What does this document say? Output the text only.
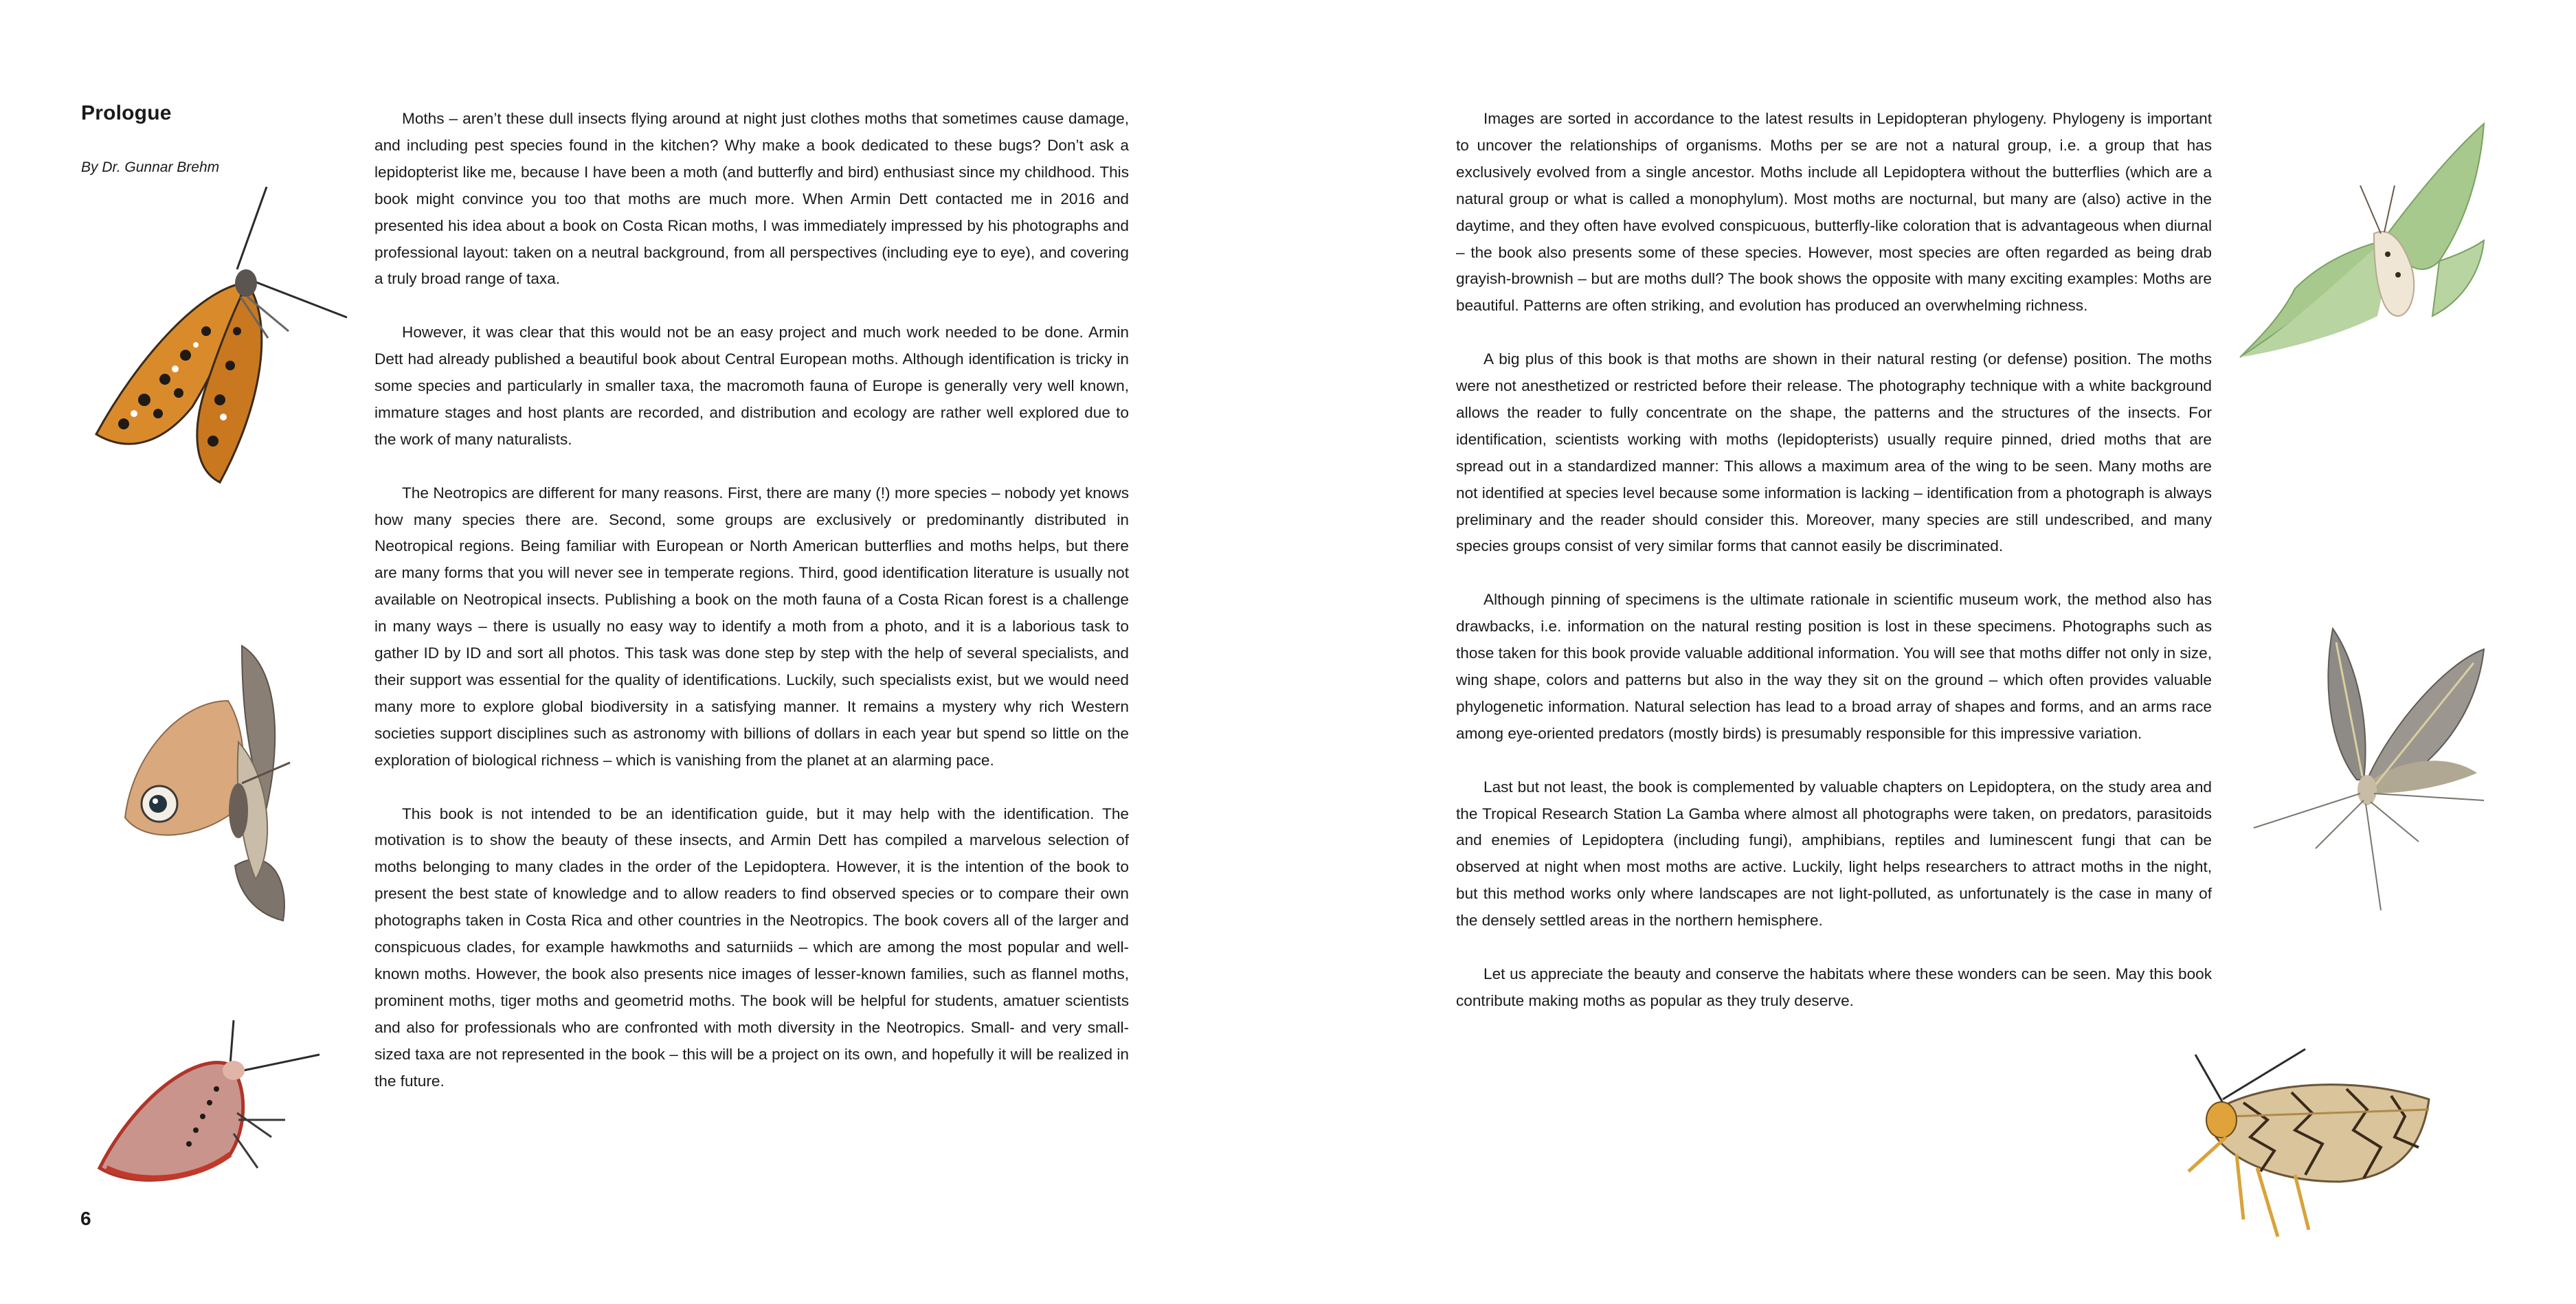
Prologue

By Dr. Gunnar Brehm

Moths – aren’t these dull insects flying around at night just clothes moths that sometimes cause damage, and including pest species found in the kitchen? Why make a book dedicated to these bugs? Don’t ask a lepidopterist like me, because I have been a moth (and butterfly and bird) enthusiast since my childhood. This book might convince you too that moths are much more. When Armin Dett contacted me in 2016 and presented his idea about a book on Costa Rican moths, I was immediately impressed by his photographs and professional layout: taken on a neutral background, from all perspectives (including eye to eye), and covering a truly broad range of taxa.

However, it was clear that this would not be an easy project and much work needed to be done. Armin Dett had already published a beautiful book about Central European moths. Although identification is tricky in some species and particularly in smaller taxa, the macromoth fauna of Europe is generally very well known, immature stages and host plants are recorded, and distribution and ecology are rather well explored due to the work of many naturalists.

The Neotropics are different for many reasons. First, there are many (!) more species – nobody yet knows how many species there are. Second, some groups are exclusively or predominantly distributed in Neotropical regions. Being familiar with European or North American butterflies and moths helps, but there are many forms that you will never see in temperate regions. Third, good identification literature is usually not available on Neotropical insects. Publishing a book on the moth fauna of a Costa Rican forest is a challenge in many ways – there is usually no easy way to identify a moth from a photo, and it is a laborious task to gather ID by ID and sort all photos. This task was done step by step with the help of several specialists, and their support was essential for the quality of identifications. Luckily, such specialists exist, but we would need many more to explore global biodiversity in a satisfying manner. It remains a mystery why rich Western societies support disciplines such as astronomy with billions of dollars in each year but spend so little on the exploration of biological richness – which is vanishing from the planet at an alarming pace.

This book is not intended to be an identification guide, but it may help with the identification. The motivation is to show the beauty of these insects, and Armin Dett has compiled a marvelous selection of moths belonging to many clades in the order of the Lepidoptera. However, it is the intention of the book to present the best state of knowledge and to allow readers to find observed species or to compare their own photographs taken in Costa Rica and other countries in the Neotropics. The book covers all of the larger and conspicuous clades, for example hawkmoths and saturniids – which are among the most popular and well-known moths. However, the book also presents nice images of lesser-known families, such as flannel moths, prominent moths, tiger moths and geometrid moths. The book will be helpful for students, amatuer scientists and also for professionals who are confronted with moth diversity in the Neotropics. Small- and very small-sized taxa are not represented in the book – this will be a project on its own, and hopefully it will be realized in the future.

6

Images are sorted in accordance to the latest results in Lepidopteran phylogeny. Phylogeny is important to uncover the relationships of organisms. Moths per se are not a natural group, i.e. a group that has exclusively evolved from a single ancestor. Moths include all Lepidoptera without the butterflies (which are a natural group or what is called a monophylum). Most moths are nocturnal, but many are (also) active in the daytime, and they often have evolved conspicuous, butterfly-like coloration that is advantageous when diurnal – the book also presents some of these species. However, most species are often regarded as being drab grayish-brownish – but are moths dull? The book shows the opposite with many exciting examples: Moths are beautiful. Patterns are often striking, and evolution has produced an overwhelming richness.

A big plus of this book is that moths are shown in their natural resting (or defense) position. The moths were not anesthetized or restricted before their release. The photography technique with a white background allows the reader to fully concentrate on the shape, the patterns and the structures of the insects. For identification, scientists working with moths (lepidopterists) usually require pinned, dried moths that are spread out in a standardized manner: This allows a maximum area of the wing to be seen. Many moths are not identified at species level because some information is lacking – identification from a photograph is always preliminary and the reader should consider this. Moreover, many species are still undescribed, and many species groups consist of very similar forms that cannot easily be discriminated.

Although pinning of specimens is the ultimate rationale in scientific museum work, the method also has drawbacks, i.e. information on the natural resting position is lost in these specimens. Photographs such as those taken for this book provide valuable additional information. You will see that moths differ not only in size, wing shape, colors and patterns but also in the way they sit on the ground – which often provides valuable phylogenetic information. Natural selection has lead to a broad array of shapes and forms, and an arms race among eye-oriented predators (mostly birds) is presumably responsible for this impressive variation.

Last but not least, the book is complemented by valuable chapters on Lepidoptera, on the study area and the Tropical Research Station La Gamba where almost all photographs were taken, on predators, parasitoids and enemies of Lepidoptera (including fungi), amphibians, reptiles and luminescent fungi that can be observed at night when most moths are active. Luckily, light helps researchers to attract moths in the night, but this method works only where landscapes are not light-polluted, as unfortunately is the case in many of the densely settled areas in the northern hemisphere.

Let us appreciate the beauty and conserve the habitats where these wonders can be seen. May this book contribute making moths as popular as they truly deserve.
